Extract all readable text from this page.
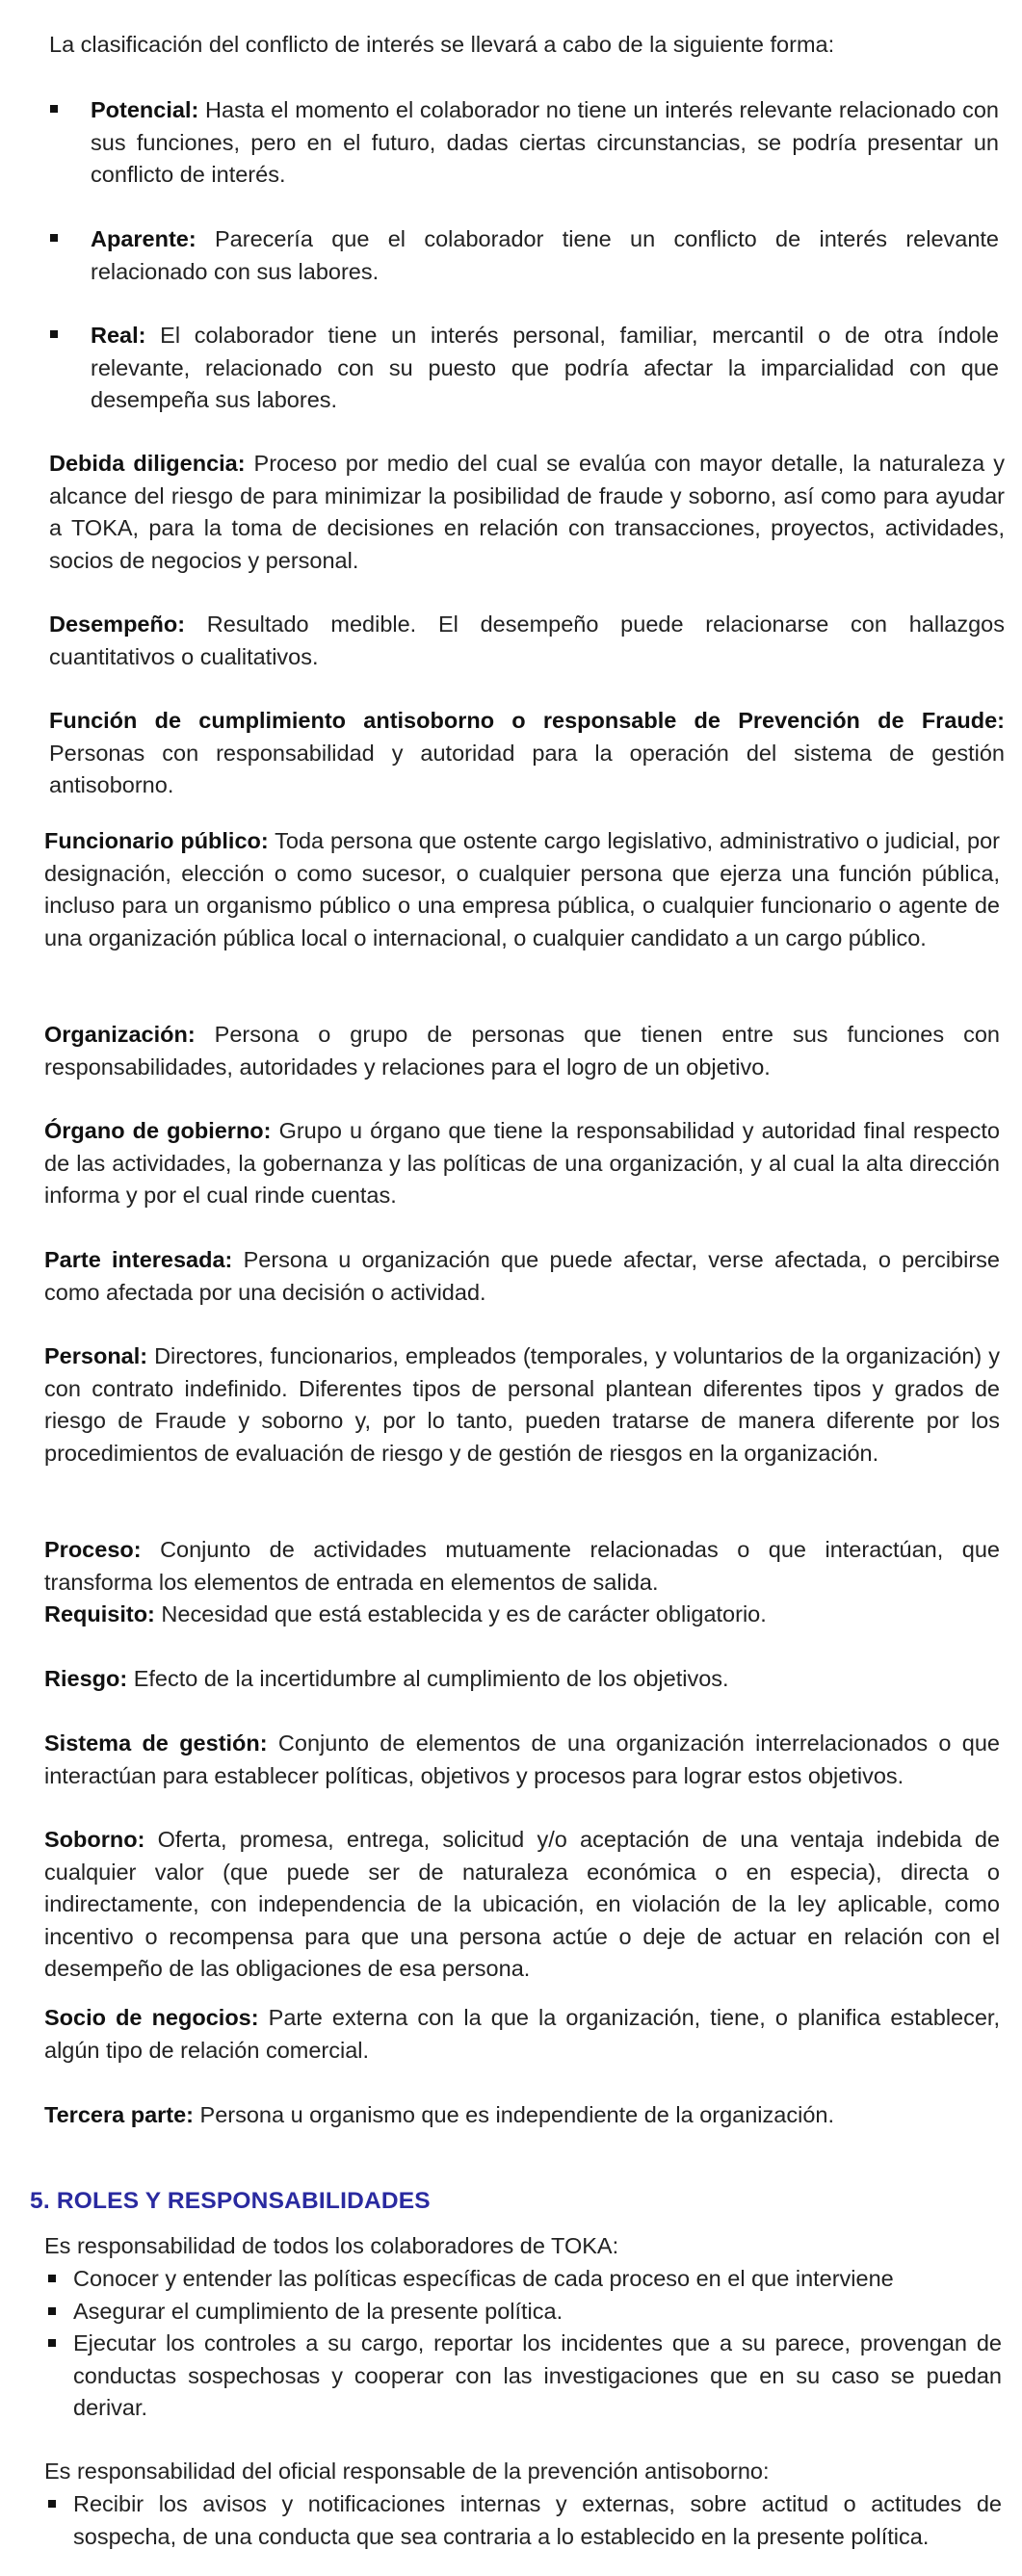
La clasificación del conflicto de interés se llevará a cabo de la siguiente forma:

Potencial: Hasta el momento el colaborador no tiene un interés relevante relacionado con sus funciones, pero en el futuro, dadas ciertas circunstancias, se podría presentar un conflicto de interés.

Aparente: Parecería que el colaborador tiene un conflicto de interés relevante relacionado con sus labores.

Real: El colaborador tiene un interés personal, familiar, mercantil o de otra índole relevante, relacionado con su puesto que podría afectar la imparcialidad con que desempeña sus labores.

Debida diligencia: Proceso por medio del cual se evalúa con mayor detalle, la naturaleza y alcance del riesgo de para minimizar la posibilidad de fraude y soborno, así como para ayudar a TOKA, para la toma de decisiones en relación con transacciones, proyectos, actividades, socios de negocios y personal.

Desempeño: Resultado medible. El desempeño puede relacionarse con hallazgos cuantitativos o cualitativos.

Función de cumplimiento antisoborno o responsable de Prevención de Fraude: Personas con responsabilidad y autoridad para la operación del sistema de gestión antisoborno.

Funcionario público: Toda persona que ostente cargo legislativo, administrativo o judicial, por designación, elección o como sucesor, o cualquier persona que ejerza una función pública, incluso para un organismo público o una empresa pública, o cualquier funcionario o agente de una organización pública local o internacional, o cualquier candidato a un cargo público.

Organización: Persona o grupo de personas que tienen entre sus funciones con responsabilidades, autoridades y relaciones para el logro de un objetivo.

Órgano de gobierno: Grupo u órgano que tiene la responsabilidad y autoridad final respecto de las actividades, la gobernanza y las políticas de una organización, y al cual la alta dirección informa y por el cual rinde cuentas.

Parte interesada: Persona u organización que puede afectar, verse afectada, o percibirse como afectada por una decisión o actividad.

Personal: Directores, funcionarios, empleados (temporales, y voluntarios de la organización) y con contrato indefinido. Diferentes tipos de personal plantean diferentes tipos y grados de riesgo de Fraude y soborno y, por lo tanto, pueden tratarse de manera diferente por los procedimientos de evaluación de riesgo y de gestión de riesgos en la organización.

Proceso: Conjunto de actividades mutuamente relacionadas o que interactúan, que transforma los elementos de entrada en elementos de salida.

Requisito: Necesidad que está establecida y es de carácter obligatorio.

Riesgo: Efecto de la incertidumbre al cumplimiento de los objetivos.

Sistema de gestión: Conjunto de elementos de una organización interrelacionados o que interactúan para establecer políticas, objetivos y procesos para lograr estos objetivos.

Soborno: Oferta, promesa, entrega, solicitud y/o aceptación de una ventaja indebida de cualquier valor (que puede ser de naturaleza económica o en especia), directa o indirectamente, con independencia de la ubicación, en violación de la ley aplicable, como incentivo o recompensa para que una persona actúe o deje de actuar en relación con el desempeño de las obligaciones de esa persona.

Socio de negocios: Parte externa con la que la organización, tiene, o planifica establecer, algún tipo de relación comercial.

Tercera parte: Persona u organismo que es independiente de la organización.

5. ROLES Y RESPONSABILIDADES

Es responsabilidad de todos los colaboradores de TOKA:

Conocer y entender las políticas específicas de cada proceso en el que interviene
Asegurar el cumplimiento de la presente política.
Ejecutar los controles a su cargo, reportar los incidentes que a su parece, provengan de conductas sospechosas y cooperar con las investigaciones que en su caso se puedan derivar.

Es responsabilidad del oficial responsable de la prevención antisoborno:

Recibir los avisos y notificaciones internas y externas, sobre actitud o actitudes de sospecha, de una conducta que sea contraria a lo establecido en la presente política.
